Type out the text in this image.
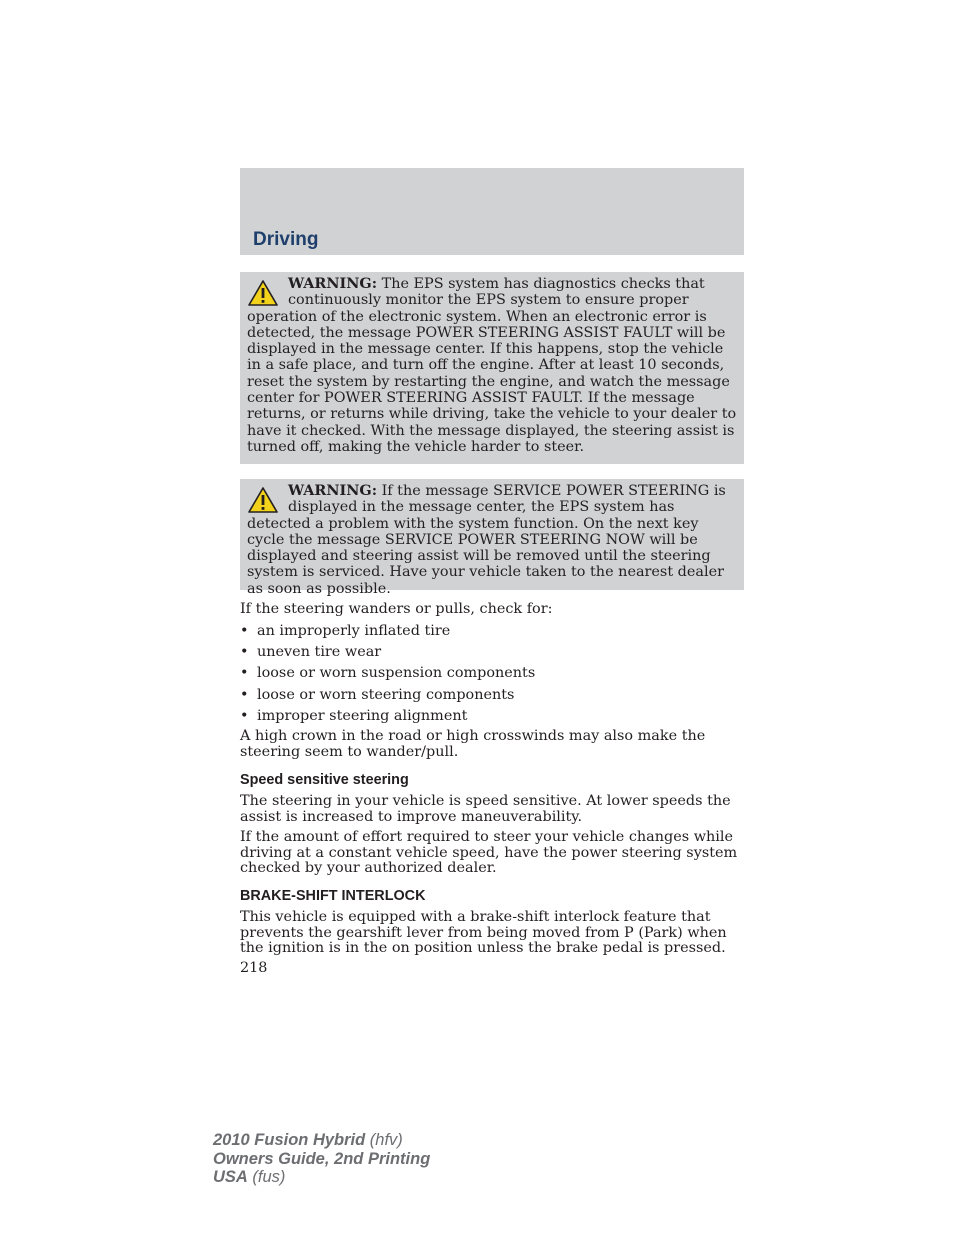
Driving
WARNING: The EPS system has diagnostics checks that continuously monitor the EPS system to ensure proper operation of the electronic system. When an electronic error is detected, the message POWER STEERING ASSIST FAULT will be displayed in the message center. If this happens, stop the vehicle in a safe place, and turn off the engine. After at least 10 seconds, reset the system by restarting the engine, and watch the message center for POWER STEERING ASSIST FAULT. If the message returns, or returns while driving, take the vehicle to your dealer to have it checked. With the message displayed, the steering assist is turned off, making the vehicle harder to steer.
WARNING: If the message SERVICE POWER STEERING is displayed in the message center, the EPS system has detected a problem with the system function. On the next key cycle the message SERVICE POWER STEERING NOW will be displayed and steering assist will be removed until the steering system is serviced. Have your vehicle taken to the nearest dealer as soon as possible.

If the steering wanders or pulls, check for:

• an improperly inflated tire
• uneven tire wear
• loose or worn suspension components
• loose or worn steering components
• improper steering alignment

A high crown in the road or high crosswinds may also make the steering seem to wander/pull.

Speed sensitive steering

The steering in your vehicle is speed sensitive. At lower speeds the assist is increased to improve maneuverability.

If the amount of effort required to steer your vehicle changes while driving at a constant vehicle speed, have the power steering system checked by your authorized dealer.

BRAKE-SHIFT INTERLOCK

This vehicle is equipped with a brake-shift interlock feature that prevents the gearshift lever from being moved from P (Park) when the ignition is in the on position unless the brake pedal is pressed.

218

2010 Fusion Hybrid (hfv)
Owners Guide, 2nd Printing
USA (fus)
